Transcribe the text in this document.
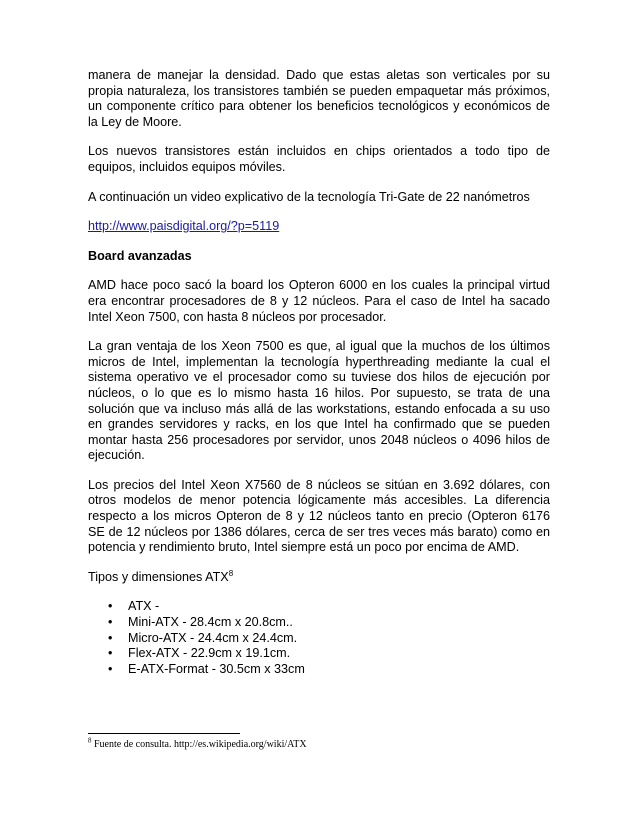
manera de manejar la densidad. Dado que estas aletas son verticales por su propia naturaleza, los transistores también se pueden empaquetar más próximos, un componente crítico para obtener los beneficios tecnológicos y económicos de la Ley de Moore.

Los nuevos transistores están incluidos en chips orientados a todo tipo de equipos, incluidos equipos móviles.

A continuación un video explicativo de la tecnología Tri-Gate de 22 nanómetros

http://www.paisdigital.org/?p=5119

Board avanzadas

AMD hace poco sacó la board los Opteron 6000 en los cuales la principal virtud era encontrar procesadores de 8 y 12 núcleos. Para el caso de Intel ha sacado Intel Xeon 7500, con hasta 8 núcleos por procesador.

La gran ventaja de los Xeon 7500 es que, al igual que la muchos de los últimos micros de Intel, implementan la tecnología hyperthreading mediante la cual el sistema operativo ve el procesador como su tuviese dos hilos de ejecución por núcleos, o lo que es lo mismo hasta 16 hilos. Por supuesto, se trata de una solución que va incluso más allá de las workstations, estando enfocada a su uso en grandes servidores y racks, en los que Intel ha confirmado que se pueden montar hasta 256 procesadores por servidor, unos 2048 núcleos o 4096 hilos de ejecución.

Los precios del Intel Xeon X7560 de 8 núcleos se sitúan en 3.692 dólares, con otros modelos de menor potencia lógicamente más accesibles. La diferencia respecto a los micros Opteron de 8 y 12 núcleos tanto en precio (Opteron 6176 SE de 12 núcleos por 1386 dólares, cerca de ser tres veces más barato) como en potencia y rendimiento bruto, Intel siempre está un poco por encima de AMD.

Tipos y dimensiones ATX$^8$

• ATX -
• Mini-ATX - 28.4cm x 20.8cm..
• Micro-ATX - 24.4cm x 24.4cm.
• Flex-ATX - 22.9cm x 19.1cm.
• E-ATX-Format - 30.5cm x 33cm
$^8$ Fuente de consulta. http://es.wikipedia.org/wiki/ATX
